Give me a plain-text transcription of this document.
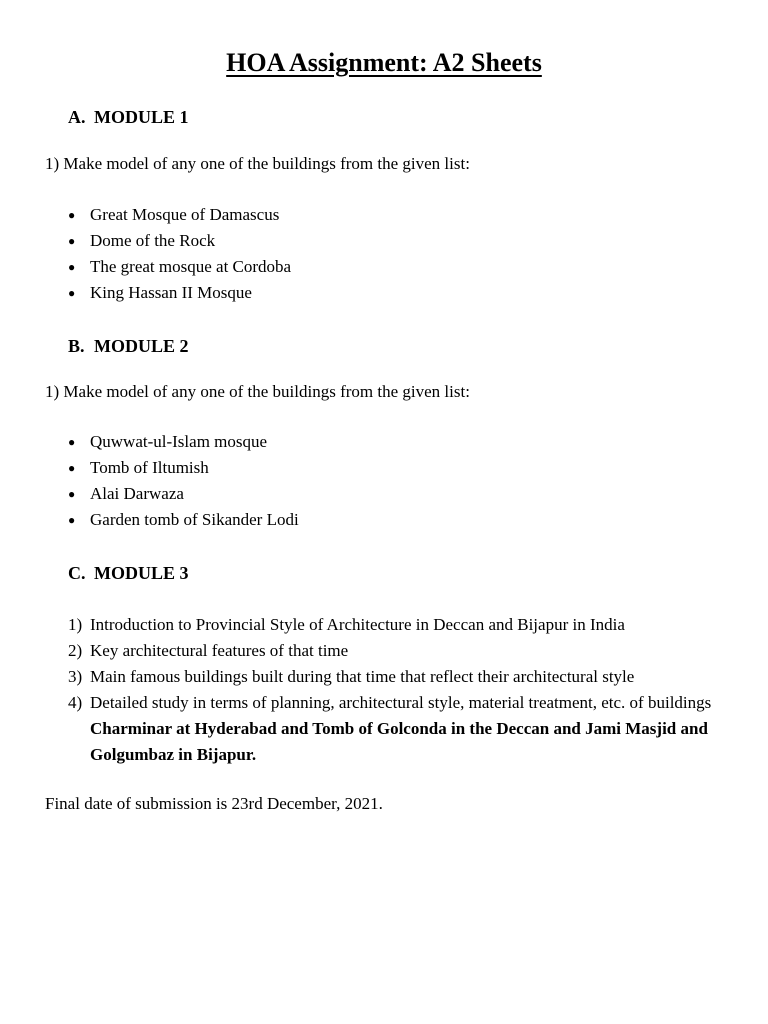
HOA Assignment: A2 Sheets
A. MODULE 1

1) Make model of any one of the buildings from the given list:

● Great Mosque of Damascus
● Dome of the Rock
● The great mosque at Cordoba
● King Hassan II Mosque
B. MODULE 2

1) Make model of any one of the buildings from the given list:

● Quwwat-ul-Islam mosque
● Tomb of Iltumish
● Alai Darwaza
● Garden tomb of Sikander Lodi
C. MODULE 3
1) Introduction to Provincial Style of Architecture in Deccan and Bijapur in India
2) Key architectural features of that time
3) Main famous buildings built during that time that reflect their architectural style
4) Detailed study in terms of planning, architectural style, material treatment, etc. of buildings Charminar at Hyderabad and Tomb of Golconda in the Deccan and Jami Masjid and Golgumbaz in Bijapur.

Final date of submission is 23rd December, 2021.
